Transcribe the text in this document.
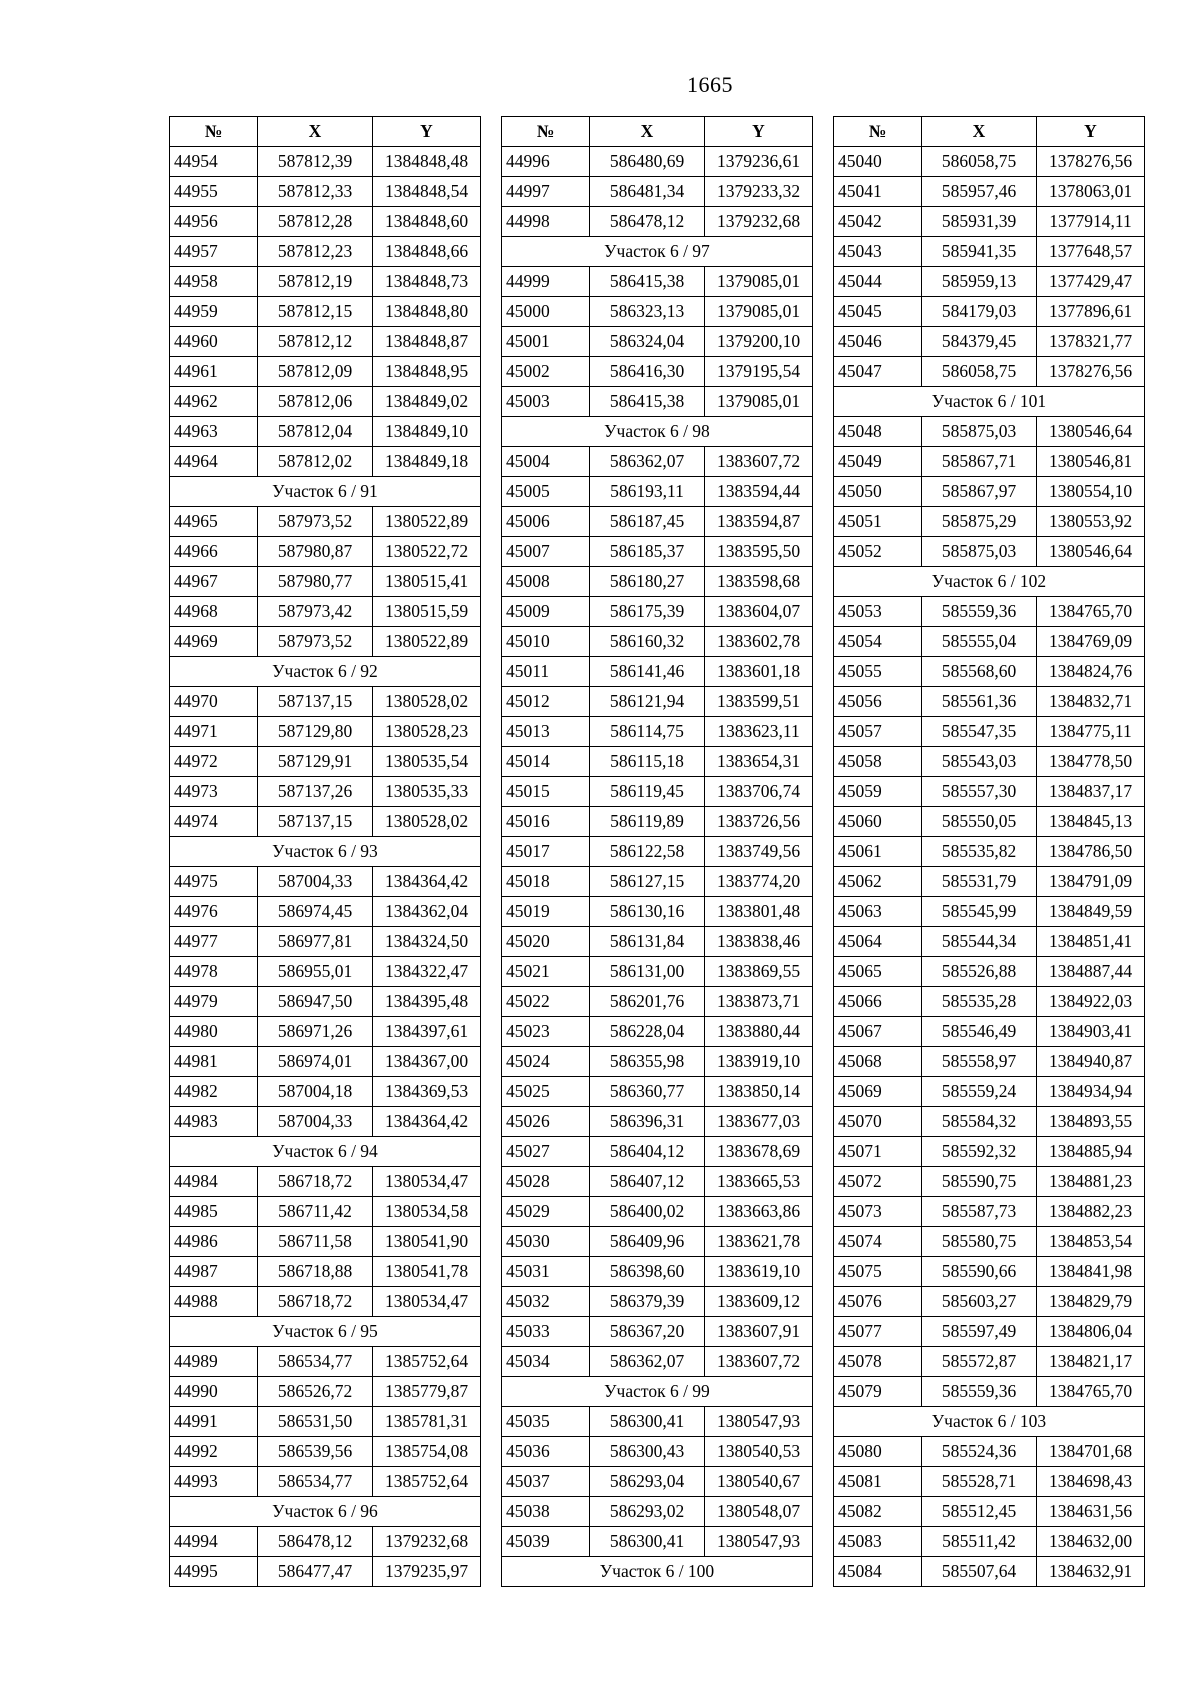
1665
№	X	Y
44954	587812,39	1384848,48
44955	587812,33	1384848,54
44956	587812,28	1384848,60
44957	587812,23	1384848,66
44958	587812,19	1384848,73
44959	587812,15	1384848,80
44960	587812,12	1384848,87
44961	587812,09	1384848,95
44962	587812,06	1384849,02
44963	587812,04	1384849,10
44964	587812,02	1384849,18
Участок 6 / 91		
44965	587973,52	1380522,89
44966	587980,87	1380522,72
44967	587980,77	1380515,41
44968	587973,42	1380515,59
44969	587973,52	1380522,89
Участок 6 / 92		
44970	587137,15	1380528,02
44971	587129,80	1380528,23
44972	587129,91	1380535,54
44973	587137,26	1380535,33
44974	587137,15	1380528,02
Участок 6 / 93		
44975	587004,33	1384364,42
44976	586974,45	1384362,04
44977	586977,81	1384324,50
44978	586955,01	1384322,47
44979	586947,50	1384395,48
44980	586971,26	1384397,61
44981	586974,01	1384367,00
44982	587004,18	1384369,53
44983	587004,33	1384364,42
Участок 6 / 94		
44984	586718,72	1380534,47
44985	586711,42	1380534,58
44986	586711,58	1380541,90
44987	586718,88	1380541,78
44988	586718,72	1380534,47
Участок 6 / 95		
44989	586534,77	1385752,64
44990	586526,72	1385779,87
44991	586531,50	1385781,31
44992	586539,56	1385754,08
44993	586534,77	1385752,64
Участок 6 / 96		
44994	586478,12	1379232,68
44995	586477,47	1379235,97
№	X	Y
44996	586480,69	1379236,61
44997	586481,34	1379233,32
44998	586478,12	1379232,68
Участок 6 / 97		
44999	586415,38	1379085,01
45000	586323,13	1379085,01
45001	586324,04	1379200,10
45002	586416,30	1379195,54
45003	586415,38	1379085,01
Участок 6 / 98		
45004	586362,07	1383607,72
45005	586193,11	1383594,44
45006	586187,45	1383594,87
45007	586185,37	1383595,50
45008	586180,27	1383598,68
45009	586175,39	1383604,07
45010	586160,32	1383602,78
45011	586141,46	1383601,18
45012	586121,94	1383599,51
45013	586114,75	1383623,11
45014	586115,18	1383654,31
45015	586119,45	1383706,74
45016	586119,89	1383726,56
45017	586122,58	1383749,56
45018	586127,15	1383774,20
45019	586130,16	1383801,48
45020	586131,84	1383838,46
45021	586131,00	1383869,55
45022	586201,76	1383873,71
45023	586228,04	1383880,44
45024	586355,98	1383919,10
45025	586360,77	1383850,14
45026	586396,31	1383677,03
45027	586404,12	1383678,69
45028	586407,12	1383665,53
45029	586400,02	1383663,86
45030	586409,96	1383621,78
45031	586398,60	1383619,10
45032	586379,39	1383609,12
45033	586367,20	1383607,91
45034	586362,07	1383607,72
Участок 6 / 99		
45035	586300,41	1380547,93
45036	586300,43	1380540,53
45037	586293,04	1380540,67
45038	586293,02	1380548,07
45039	586300,41	1380547,93
Участок 6 / 100		
№	X	Y
45040	586058,75	1378276,56
45041	585957,46	1378063,01
45042	585931,39	1377914,11
45043	585941,35	1377648,57
45044	585959,13	1377429,47
45045	584179,03	1377896,61
45046	584379,45	1378321,77
45047	586058,75	1378276,56
Участок 6 / 101		
45048	585875,03	1380546,64
45049	585867,71	1380546,81
45050	585867,97	1380554,10
45051	585875,29	1380553,92
45052	585875,03	1380546,64
Участок 6 / 102		
45053	585559,36	1384765,70
45054	585555,04	1384769,09
45055	585568,60	1384824,76
45056	585561,36	1384832,71
45057	585547,35	1384775,11
45058	585543,03	1384778,50
45059	585557,30	1384837,17
45060	585550,05	1384845,13
45061	585535,82	1384786,50
45062	585531,79	1384791,09
45063	585545,99	1384849,59
45064	585544,34	1384851,41
45065	585526,88	1384887,44
45066	585535,28	1384922,03
45067	585546,49	1384903,41
45068	585558,97	1384940,87
45069	585559,24	1384934,94
45070	585584,32	1384893,55
45071	585592,32	1384885,94
45072	585590,75	1384881,23
45073	585587,73	1384882,23
45074	585580,75	1384853,54
45075	585590,66	1384841,98
45076	585603,27	1384829,79
45077	585597,49	1384806,04
45078	585572,87	1384821,17
45079	585559,36	1384765,70
Участок 6 / 103		
45080	585524,36	1384701,68
45081	585528,71	1384698,43
45082	585512,45	1384631,56
45083	585511,42	1384632,00
45084	585507,64	1384632,91
